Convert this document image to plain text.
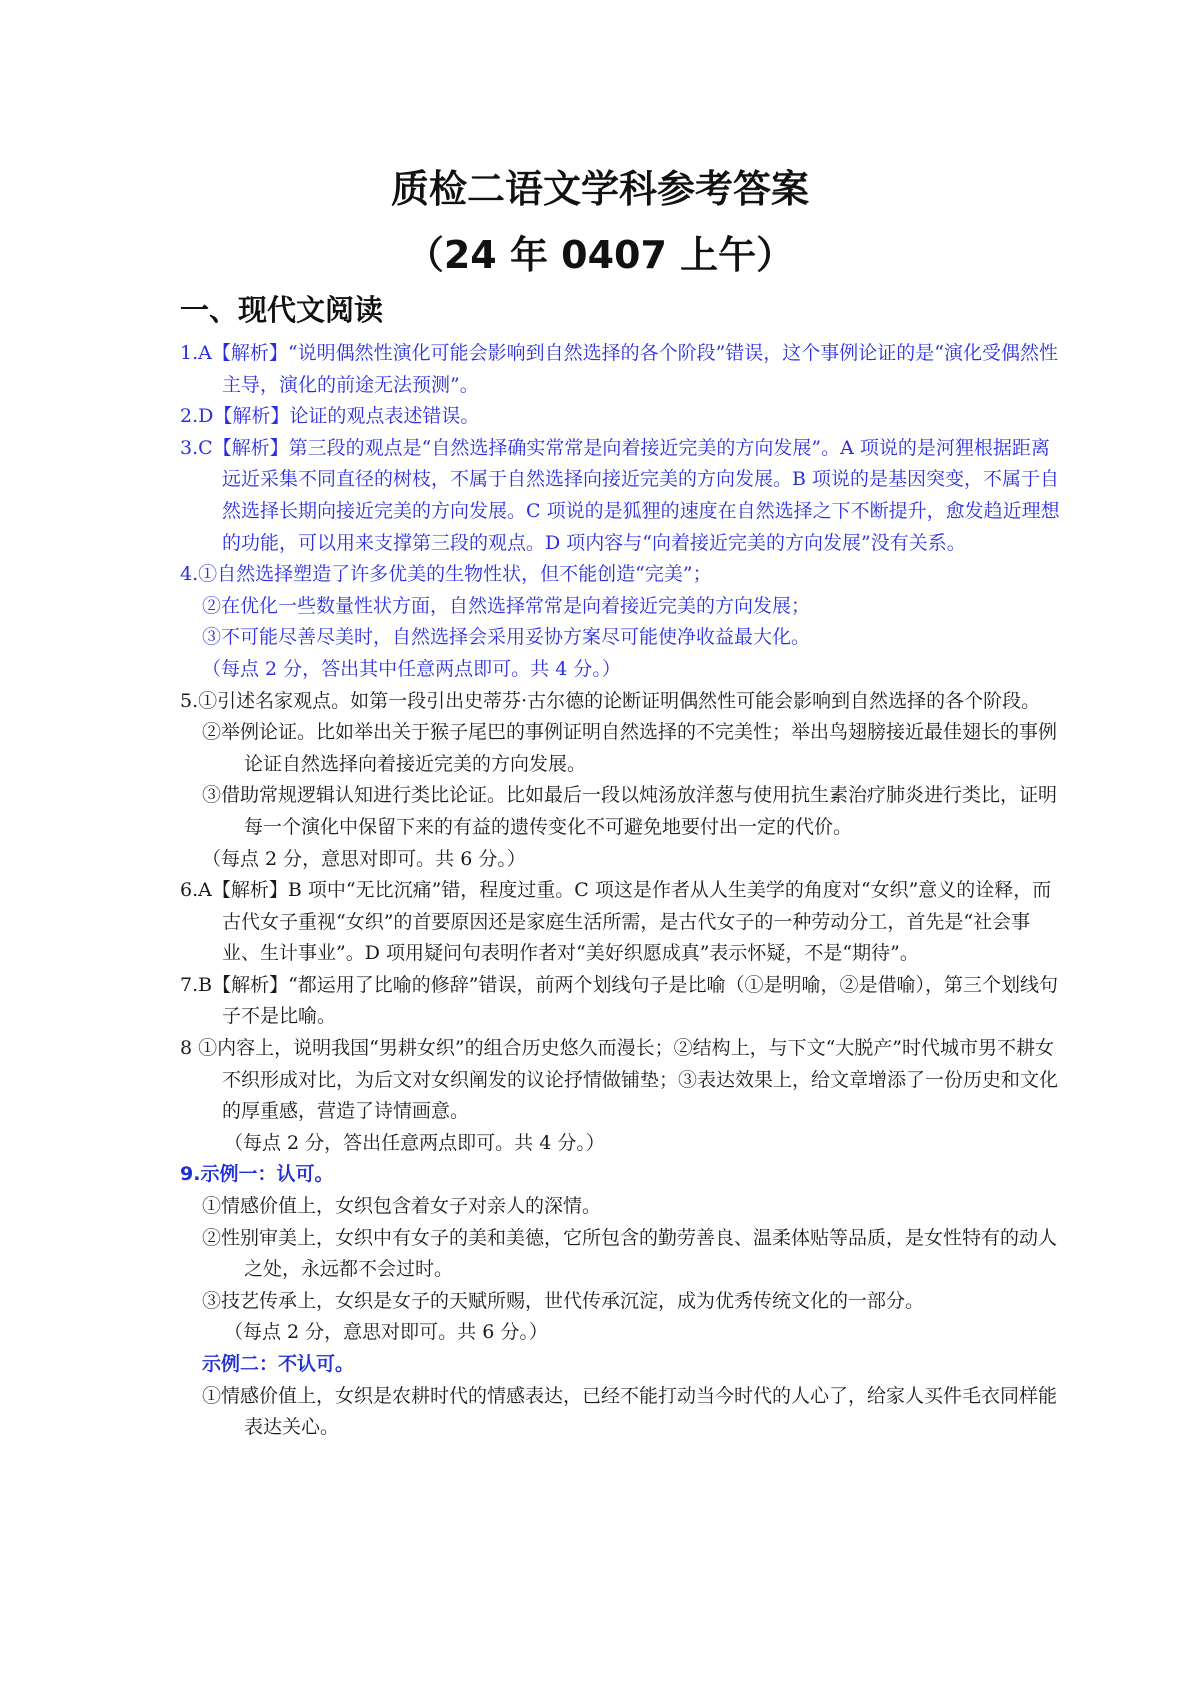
质检二语文学科参考答案
（24 年 0407 上午）
一、现代文阅读

1.A【解析】“说明偶然性演化可能会影响到自然选择的各个阶段”错误，这个事例论证的是“演化受偶然性主导，演化的前途无法预测”。

2.D【解析】论证的观点表述错误。

3.C【解析】第三段的观点是“自然选择确实常常是向着接近完美的方向发展”。A 项说的是河狸根据距离远近采集不同直径的树枝，不属于自然选择向接近完美的方向发展。B 项说的是基因突变，不属于自然选择长期向接近完美的方向发展。C 项说的是狐狸的速度在自然选择之下不断提升，愈发趋近理想的功能，可以用来支撑第三段的观点。D 项内容与“向着接近完美的方向发展”没有关系。

4.①自然选择塑造了许多优美的生物性状，但不能创造“完美”；

②在优化一些数量性状方面，自然选择常常是向着接近完美的方向发展；

③不可能尽善尽美时，自然选择会采用妥协方案尽可能使净收益最大化。

（每点 2 分，答出其中任意两点即可。共 4 分。）

5.①引述名家观点。如第一段引出史蒂芬·古尔德的论断证明偶然性可能会影响到自然选择的各个阶段。

②举例论证。比如举出关于猴子尾巴的事例证明自然选择的不完美性；举出鸟翅膀接近最佳翅长的事例论证自然选择向着接近完美的方向发展。

③借助常规逻辑认知进行类比论证。比如最后一段以炖汤放洋葱与使用抗生素治疗肺炎进行类比，证明每一个演化中保留下来的有益的遗传变化不可避免地要付出一定的代价。

（每点 2 分，意思对即可。共 6 分。）

6.A【解析】B 项中“无比沉痛”错，程度过重。C 项这是作者从人生美学的角度对“女织”意义的诠释，而古代女子重视“女织”的首要原因还是家庭生活所需，是古代女子的一种劳动分工，首先是“社会事业、生计事业”。D 项用疑问句表明作者对“美好织愿成真”表示怀疑，不是“期待”。

7.B【解析】“都运用了比喻的修辞”错误，前两个划线句子是比喻（①是明喻，②是借喻），第三个划线句子不是比喻。

8 ①内容上，说明我国“男耕女织”的组合历史悠久而漫长；②结构上，与下文“大脱产”时代城市男不耕女不织形成对比，为后文对女织阐发的议论抒情做铺垫；③表达效果上，给文章增添了一份历史和文化的厚重感，营造了诗情画意。

（每点 2 分，答出任意两点即可。共 4 分。）

9.示例一：认可。

①情感价值上，女织包含着女子对亲人的深情。

②性别审美上，女织中有女子的美和美德，它所包含的勤劳善良、温柔体贴等品质，是女性特有的动人之处，永远都不会过时。

③技艺传承上，女织是女子的天赋所赐，世代传承沉淀，成为优秀传统文化的一部分。

（每点 2 分，意思对即可。共 6 分。）

示例二：不认可。

①情感价值上，女织是农耕时代的情感表达，已经不能打动当今时代的人心了，给家人买件毛衣同样能表达关心。
